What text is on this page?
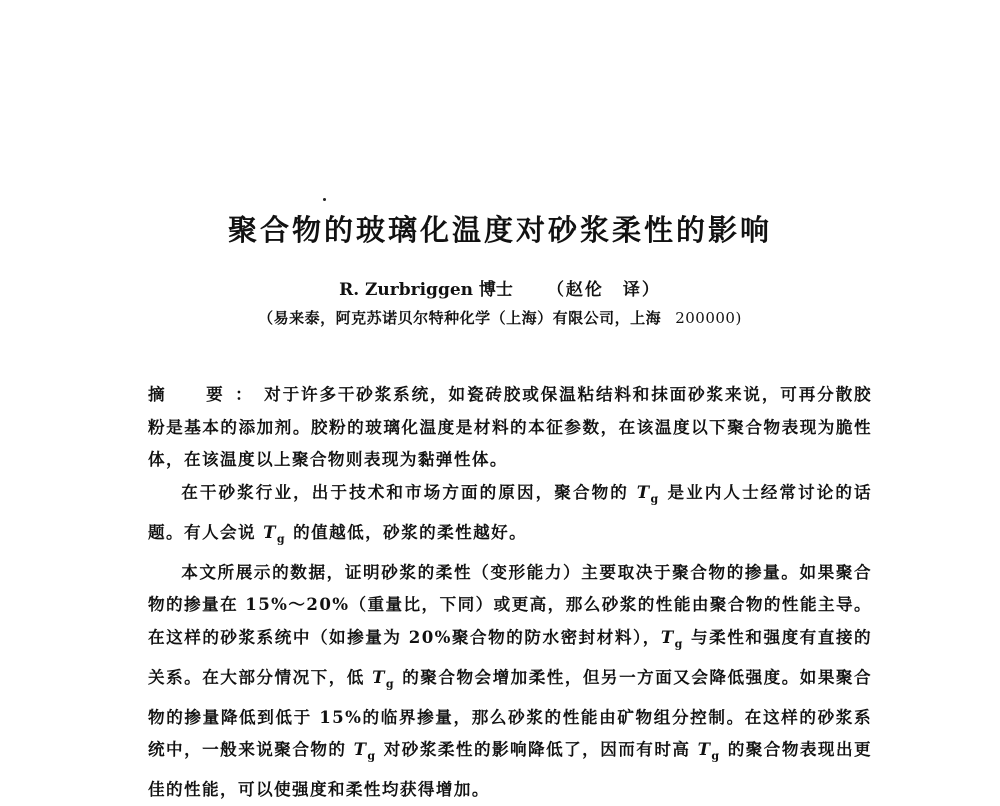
聚合物的玻璃化温度对砂浆柔性的影响
R. Zurbriggen 博士 （赵伦　译）
（易来泰，阿克苏诺贝尔特种化学（上海）有限公司，上海 200000)

摘　要：对于许多干砂浆系统，如瓷砖胶或保温粘结料和抹面砂浆来说，可再分散胶粉是基本的添加剂。胶粉的玻璃化温度是材料的本征参数，在该温度以下聚合物表现为脆性体，在该温度以上聚合物则表现为黏弹性体。

在干砂浆行业，出于技术和市场方面的原因，聚合物的 $T_g$ 是业内人士经常讨论的话题。有人会说 $T_g$ 的值越低，砂浆的柔性越好。

本文所展示的数据，证明砂浆的柔性（变形能力）主要取决于聚合物的掺量。如果聚合物的掺量在 15%～20%（重量比，下同）或更高，那么砂浆的性能由聚合物的性能主导。在这样的砂浆系统中（如掺量为 20%聚合物的防水密封材料），$T_g$ 与柔性和强度有直接的关系。在大部分情况下，低 $T_g$ 的聚合物会增加柔性，但另一方面又会降低强度。如果聚合物的掺量降低到低于 15%的临界掺量，那么砂浆的性能由矿物组分控制。在这样的砂浆系统中，一般来说聚合物的 $T_g$ 对砂浆柔性的影响降低了，因而有时高 $T_g$ 的聚合物表现出更佳的性能，可以使强度和柔性均获得增加。
